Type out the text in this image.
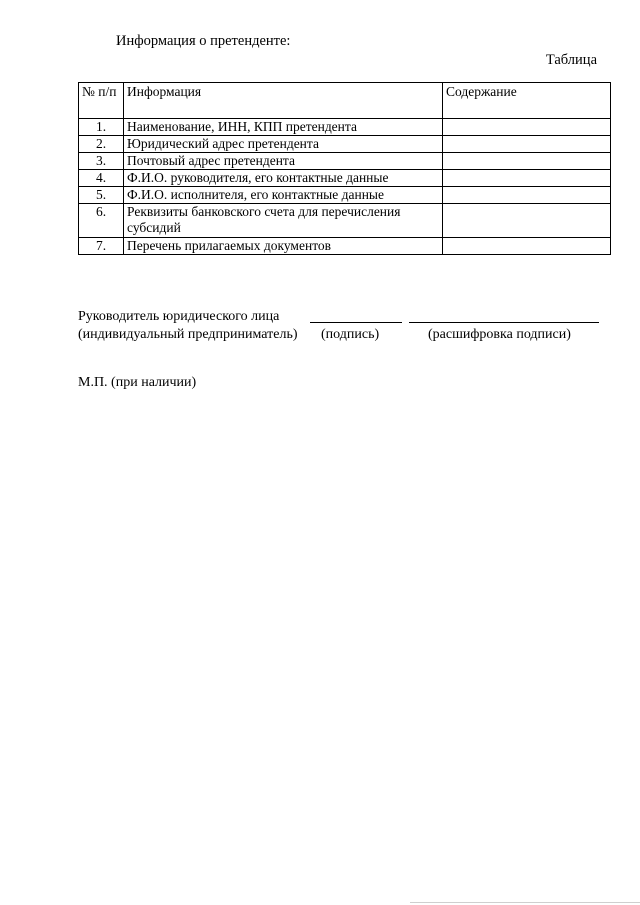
Информация о претенденте:
Таблица
№ п/п	Информация	Содержание
1.	Наименование, ИНН, КПП претендента	
2.	Юридический адрес претендента	
3.	Почтовый адрес претендента	
4.	Ф.И.О. руководителя, его контактные данные	
5.	Ф.И.О. исполнителя, его контактные данные	
6.	Реквизиты банковского счета для перечисления субсидий	
7.	Перечень прилагаемых документов	
Руководитель юридического лица
(индивидуальный предприниматель) (подпись)	(расшифровка подписи)
М.П. (при наличии)
